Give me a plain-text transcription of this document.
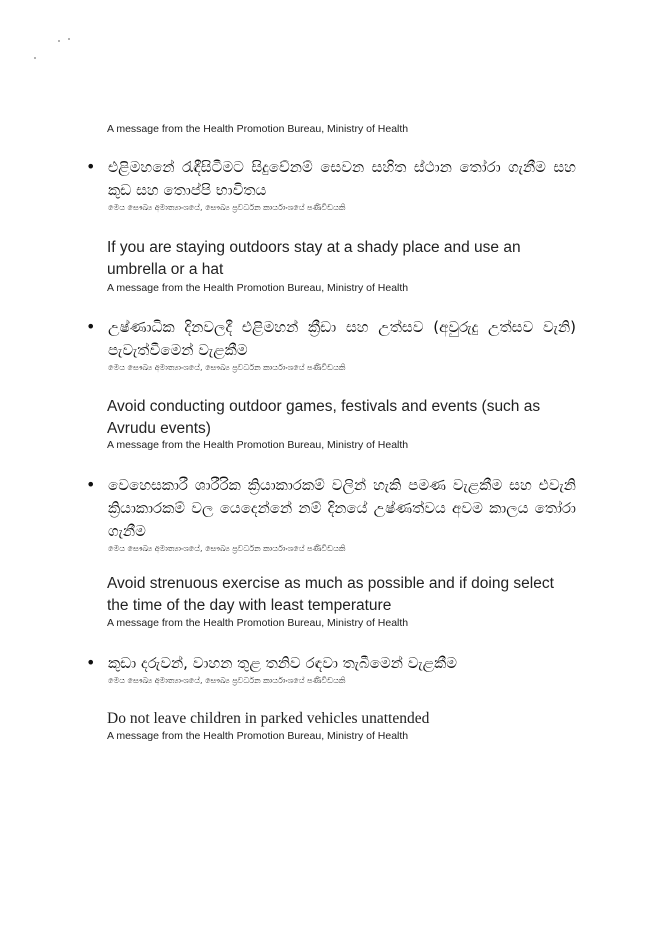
A message from the Health Promotion Bureau, Ministry of Health
• එළිමහනේ රැඳීසිටීමට සිදුවේනම් සෙවන සහිත ස්ථාන තෝරා ගැනීම සහ කුඩ සහ තොප්පි භාවිතය
මෙය සෞඛ්‍ය අමාත්‍යාංශයේ, සෞඛ්‍ය ප්‍රවර්ධන කාර්යාංශයේ පණිවිඩයකි
If you are staying outdoors stay at a shady place and use an umbrella or a hat
A message from the Health Promotion Bureau, Ministry of Health
• උෂ්ණාධික දිනවලදී එළිමහන් ක්‍රීඩා සහ උත්සව (අවුරුදු උත්සව වැනි) පැවැත්වීමෙන් වැළකීම
මෙය සෞඛ්‍ය අමාත්‍යාංශයේ, සෞඛ්‍ය ප්‍රවර්ධන කාර්යාංශයේ පණිවිඩයකි
Avoid conducting outdoor games, festivals and events (such as Avrudu events)
A message from the Health Promotion Bureau, Ministry of Health
• වෙහෙසකාරී ශාරීරික ක්‍රියාකාරකම් වලින් හැකි පමණ වැළකීම සහ එවැනි ක්‍රියාකාරකම් වල යෙදෙන්නේ නම් දිනයේ උෂ්ණත්වය අවම කාලය තෝරා ගැනීම
මෙය සෞඛ්‍ය අමාත්‍යාංශයේ, සෞඛ්‍ය ප්‍රවර්ධන කාර්යාංශයේ පණිවිඩයකි
Avoid strenuous exercise as much as possible and if doing select the time of the day with least temperature
A message from the Health Promotion Bureau, Ministry of Health
• කුඩා දරුවන්, වාහන තුළ තනිව රඳවා තැබීමෙන් වැළකීම
මෙය සෞඛ්‍ය අමාත්‍යාංශයේ, සෞඛ්‍ය ප්‍රවර්ධන කාර්යාංශයේ පණිවිඩයකි
Do not leave children in parked vehicles unattended
A message from the Health Promotion Bureau, Ministry of Health
